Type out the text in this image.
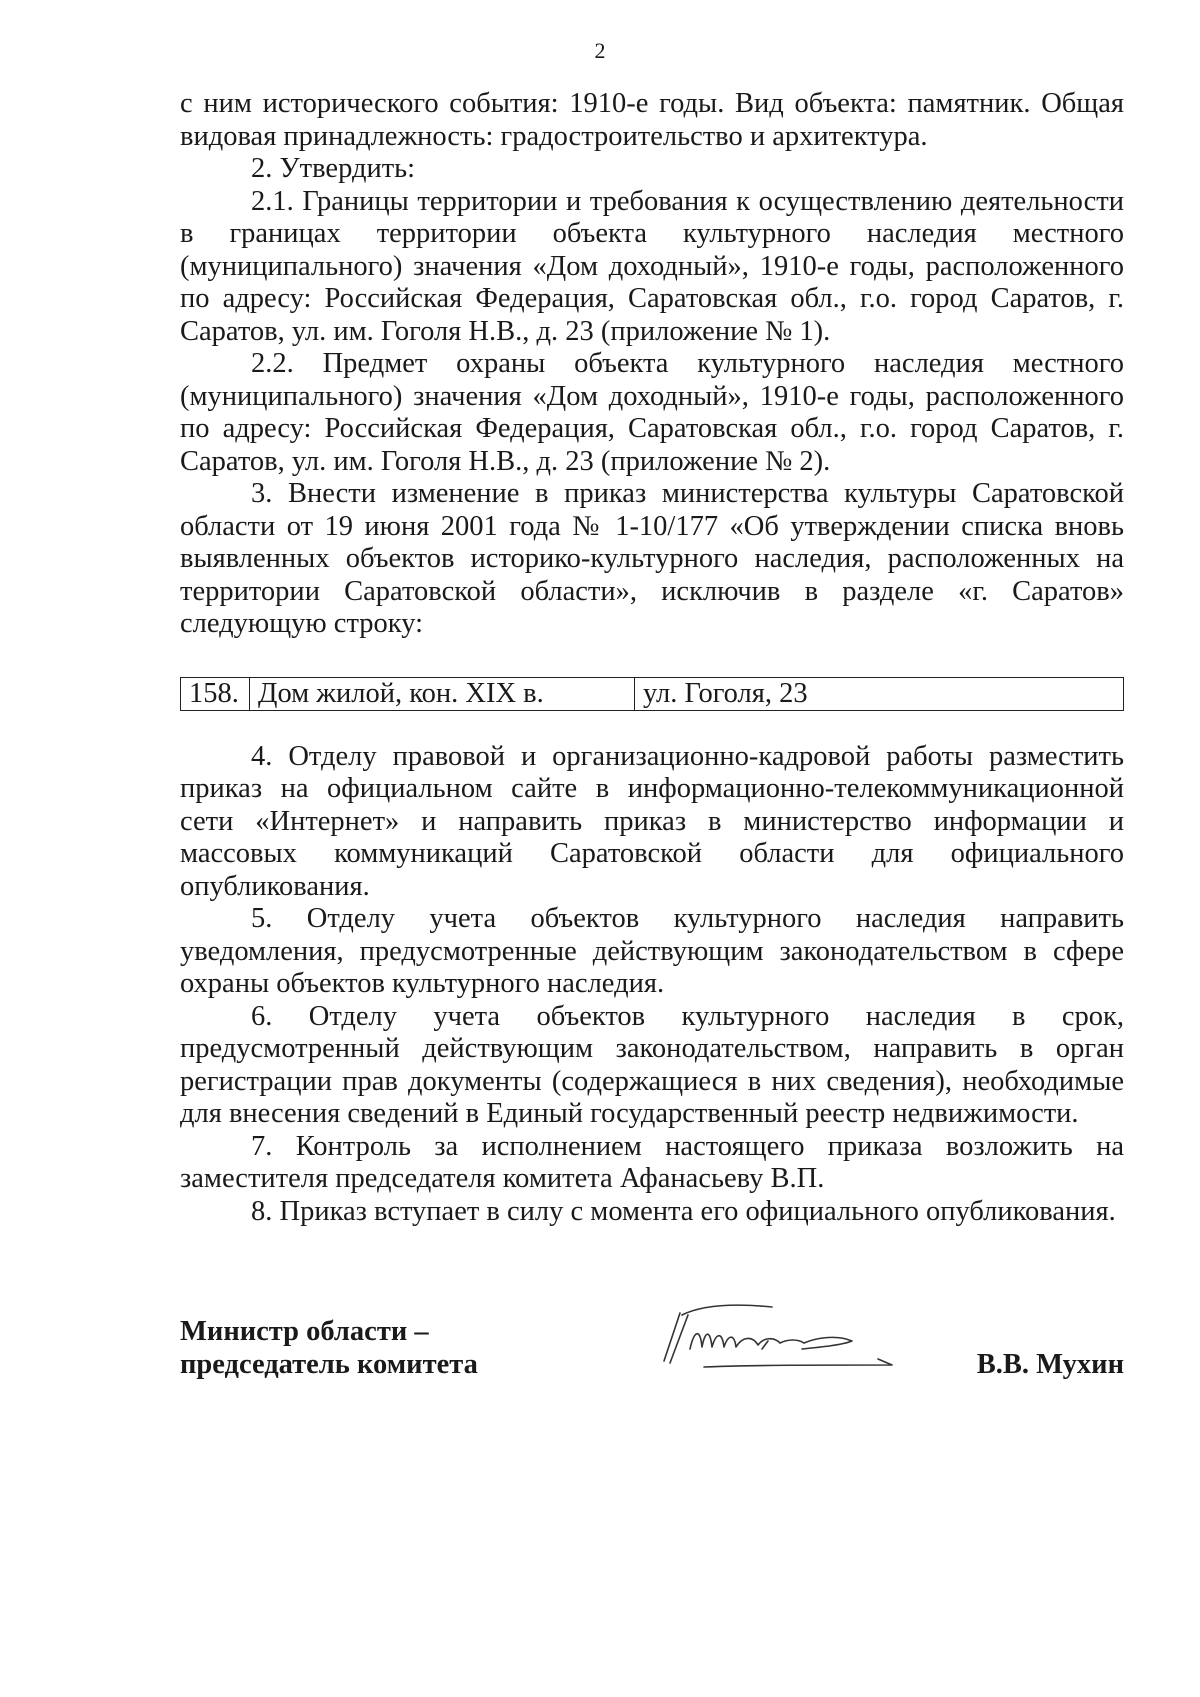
2

с ним исторического события: 1910-е годы. Вид объекта: памятник. Общая видовая принадлежность: градостроительство и архитектура.

2. Утвердить:

2.1. Границы территории и требования к осуществлению деятельности в границах территории объекта культурного наследия местного (муниципального) значения «Дом доходный», 1910-е годы, расположенного по адресу: Российская Федерация, Саратовская обл., г.о. город Саратов, г. Саратов, ул. им. Гоголя Н.В., д. 23 (приложение № 1).

2.2. Предмет охраны объекта культурного наследия местного (муниципального) значения «Дом доходный», 1910-е годы, расположенного по адресу: Российская Федерация, Саратовская обл., г.о. город Саратов, г. Саратов, ул. им. Гоголя Н.В., д. 23 (приложение № 2).

3. Внести изменение в приказ министерства культуры Саратовской области от 19 июня 2001 года № 1-10/177 «Об утверждении списка вновь выявленных объектов историко-культурного наследия, расположенных на территории Саратовской области», исключив в разделе «г. Саратов» следующую строку:

158.	Дом жилой, кон. XIX в.	ул. Гоголя, 23

4. Отделу правовой и организационно-кадровой работы разместить приказ на официальном сайте в информационно-телекоммуникационной сети «Интернет» и направить приказ в министерство информации и массовых коммуникаций Саратовской области для официального опубликования.

5. Отделу учета объектов культурного наследия направить уведомления, предусмотренные действующим законодательством в сфере охраны объектов культурного наследия.

6. Отделу учета объектов культурного наследия в срок, предусмотренный действующим законодательством, направить в орган регистрации прав документы (содержащиеся в них сведения), необходимые для внесения сведений в Единый государственный реестр недвижимости.

7. Контроль за исполнением настоящего приказа возложить на заместителя председателя комитета Афанасьеву В.П.

8. Приказ вступает в силу с момента его официального опубликования.

Министр области –
председатель комитета	В.В. Мухин
